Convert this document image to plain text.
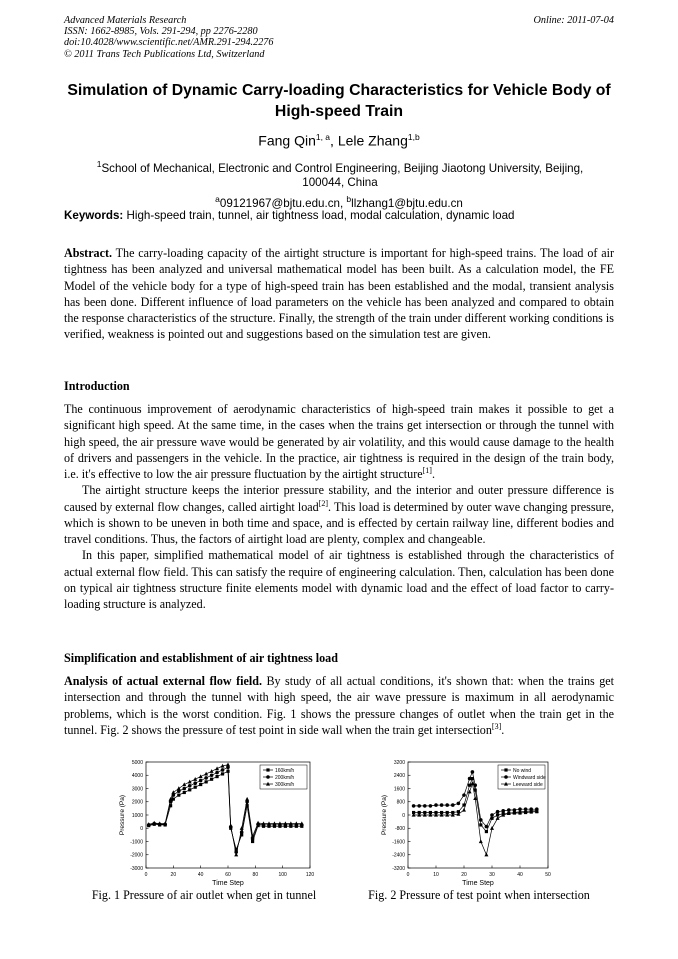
Advanced Materials Research
ISSN: 1662-8985, Vols. 291-294, pp 2276-2280
doi:10.4028/www.scientific.net/AMR.291-294.2276
© 2011 Trans Tech Publications Ltd, Switzerland
Online: 2011-07-04
Simulation of Dynamic Carry-loading Characteristics for Vehicle Body of
High-speed Train
Fang Qin$^{1, a}$, Lele Zhang$^{1,b}$
$^1$School of Mechanical, Electronic and Control Engineering, Beijing Jiaotong University, Beijing,
100044, China
$^a$09121967@bjtu.edu.cn, $^b$llzhang1@bjtu.edu.cn
Keywords: High-speed train, tunnel, air tightness load, modal calculation, dynamic load

Abstract. The carry-loading capacity of the airtight structure is important for high-speed trains. The load of air tightness has been analyzed and universal mathematical model has been built. As a calculation model, the FE Model of the vehicle body for a type of high-speed train has been established and the modal, transient analysis has been done. Different influence of load parameters on the vehicle has been analyzed and compared to obtain the response characteristics of the structure. Finally, the strength of the train under different working conditions is verified, weakness is pointed out and suggestions based on the simulation test are given.

Introduction

The continuous improvement of aerodynamic characteristics of high-speed train makes it possible to get a significant high speed. At the same time, in the cases when the trains get intersection or through the tunnel with high speed, the air pressure wave would be generated by air volatility, and this would cause damage to the health of drivers and passengers in the vehicle. In the practice, air tightness is required in the design of the train body, i.e. it's effective to low the air pressure fluctuation by the airtight structure[1].

The airtight structure keeps the interior pressure stability, and the interior and outer pressure difference is caused by external flow changes, called airtight load[2]. This load is determined by outer wave changing pressure, which is shown to be uneven in both time and space, and is effected by certain railway line, different bodies and travel conditions. Thus, the factors of airtight load are plenty, complex and changeable.

In this paper, simplified mathematical model of air tightness is established through the characteristics of actual external flow field. This can satisfy the require of engineering calculation. Then, calculation has been done on typical air tightness structure finite elements model with dynamic load and the effect of load factor to carry-loading structure is analyzed.

Simplification and establishment of air tightness load

Analysis of actual external flow field. By study of all actual conditions, it's shown that: when the trains get intersection and through the tunnel with high speed, the air wave pressure is maximum in all aerodynamic problems, which is the worst condition. Fig. 1 shows the pressure changes of outlet when the train get in the tunnel. Fig. 2 shows the pressure of test point in side wall when the train get intersection[3].

0	20	40	60	80	100	120
5000
4000
3000
2000
1000
0
-1000
-2000
-3000
Time Step
Pressure (Pa)
160km/h
200km/h
300km/h
Fig. 1 Pressure of air outlet when get in tunnel
0	10	20	30	40	50
3200
2400
1600
800
0
-800
-1600
-2400
-3200
Time Step
Pressure (Pa)
No wind
Windward side
Leeward side
Fig. 2 Pressure of test point when intersection
